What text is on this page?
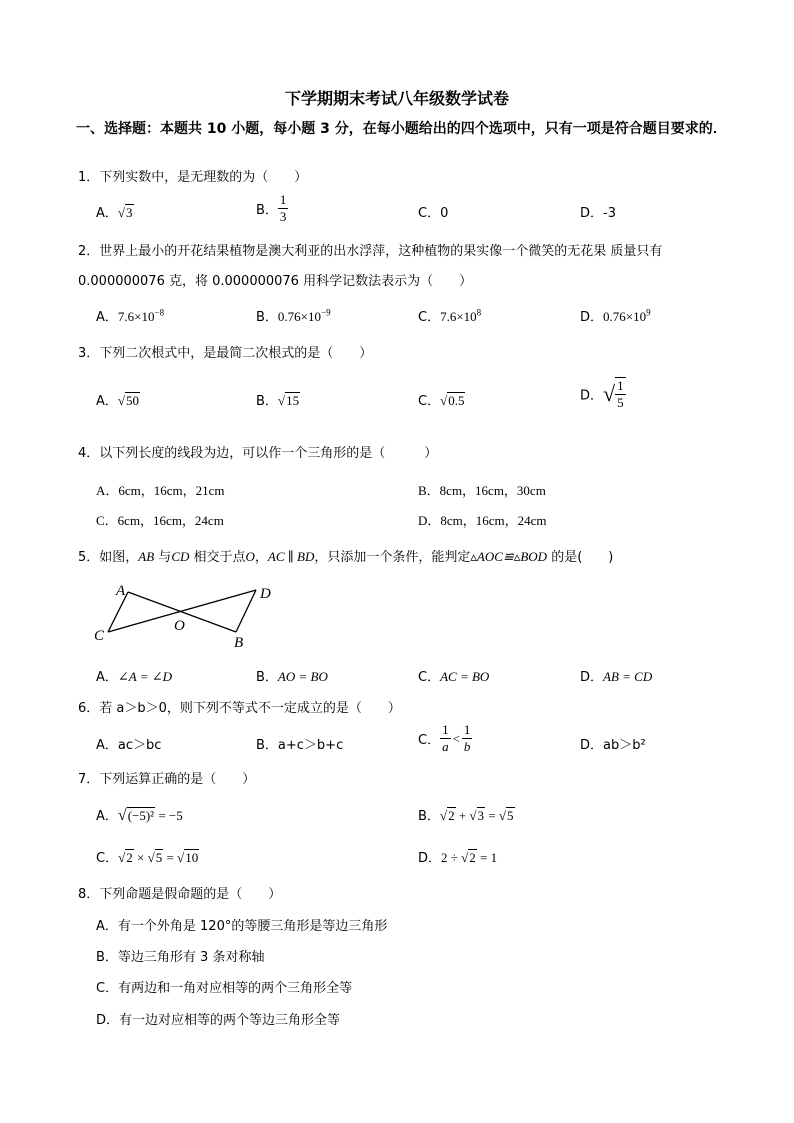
下学期期末考试八年级数学试卷
一、选择题：本题共 10 小题，每小题 3 分，在每小题给出的四个选项中，只有一项是符合题目要求的．
1．下列实数中，是无理数的为（　　）
A．√3	B． $\frac{1}{3}$	C．0	D．-3
2．世界上最小的开花结果植物是澳大利亚的出水浮萍，这种植物的果实像一个微笑的无花果 质量只有
0.000000076 克，将 0.000000076 用科学记数法表示为（　　）
A．$7.6\times 10^{-8}$	B．$0.76\times 10^{-9}$	C．$7.6\times 10^8$	D．$0.76\times 10^9$
3．下列二次根式中，是最简二次根式的是（　　）
A．√50	B．√15	C．√0.5	D．√ $\frac{1}{5}$
4．以下列长度的线段为边，可以作一个三角形的是（　　　）
A．6cm，16cm，21cm	B．8cm，16cm，30cm
C．6cm，16cm，24cm	D．8cm，16cm，24cm
5．如图，AB 与CD 相交于点O，AC ∥ BD，只添加一个条件，能判定▵AOC≌▵BOD 的是(　　)
A
C
O
D
B
A．∠A = ∠D	B．AO = BO	C．AC = BO	D．AB = CD
6．若 a＞b＞0，则下列不等式不一定成立的是（　　）
A．ac＞bc	B．a+c＞b+c	C． $\frac{1}{a} < \frac{1}{b}$	D．ab＞b²
7．下列运算正确的是（　　）
A．√(−5)² = −5	B．√2 + √3 = √5
C．√2 × √5 = √10	D．2 ÷ √2 = 1
8．下列命题是假命题的是（　　）
A．有一个外角是 120°的等腰三角形是等边三角形
B．等边三角形有 3 条对称轴
C．有两边和一角对应相等的两个三角形全等
D．有一边对应相等的两个等边三角形全等
